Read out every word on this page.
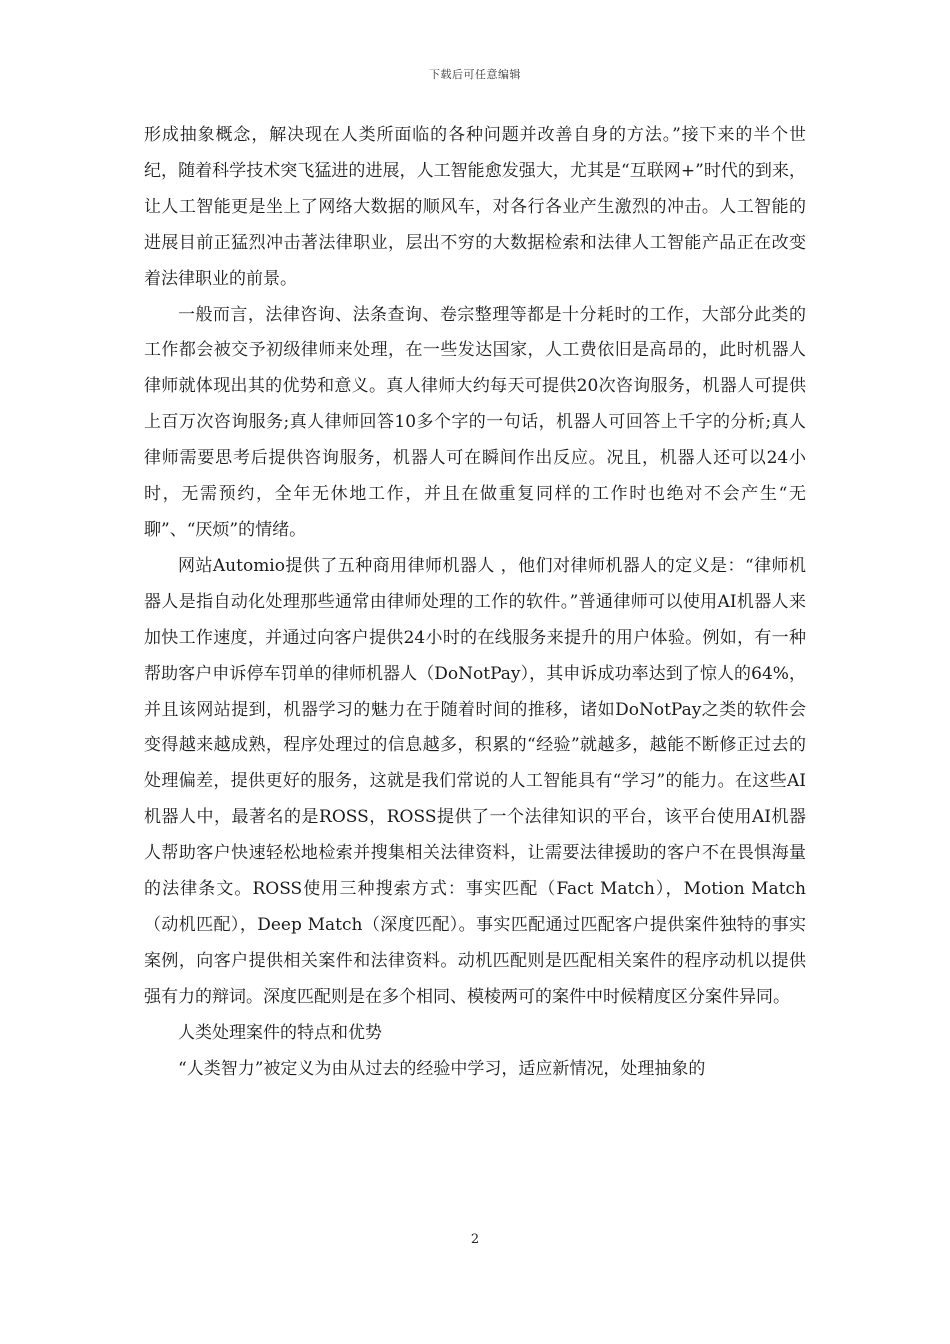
下载后可任意编辑

形成抽象概念，解决现在人类所面临的各种问题并改善自身的方法。”接下来的半个世纪，随着科学技术突飞猛进的进展，人工智能愈发强大，尤其是“互联网+”时代的到来，让人工智能更是坐上了网络大数据的顺风车，对各行各业产生激烈的冲击。人工智能的进展目前正猛烈冲击著法律职业，层出不穷的大数据检索和法律人工智能产品正在改变着法律职业的前景。

一般而言，法律咨询、法条查询、卷宗整理等都是十分耗时的工作，大部分此类的工作都会被交予初级律师来处理，在一些发达国家，人工费依旧是高昂的，此时机器人律师就体现出其的优势和意义。真人律师大约每天可提供20次咨询服务，机器人可提供上百万次咨询服务;真人律师回答10多个字的一句话，机器人可回答上千字的分析;真人律师需要思考后提供咨询服务，机器人可在瞬间作出反应。况且，机器人还可以24小时，无需预约，全年无休地工作，并且在做重复同样的工作时也绝对不会产生“无聊”、“厌烦”的情绪。

网站Automio提供了五种商用律师机器人 ，他们对律师机器人的定义是：“律师机器人是指自动化处理那些通常由律师处理的工作的软件。”普通律师可以使用AI机器人来加快工作速度，并通过向客户提供24小时的在线服务来提升的用户体验。例如，有一种帮助客户申诉停车罚单的律师机器人（DoNotPay），其申诉成功率达到了惊人的64%，并且该网站提到，机器学习的魅力在于随着时间的推移，诸如DoNotPay之类的软件会变得越来越成熟，程序处理过的信息越多，积累的“经验”就越多，越能不断修正过去的处理偏差，提供更好的服务，这就是我们常说的人工智能具有“学习”的能力。在这些AI机器人中，最著名的是ROSS，ROSS提供了一个法律知识的平台，该平台使用AI机器人帮助客户快速轻松地检索并搜集相关法律资料，让需要法律援助的客户不在畏惧海量的法律条文。ROSS使用三种搜索方式：事实匹配（Fact Match），Motion Match（动机匹配），Deep Match（深度匹配）。事实匹配通过匹配客户提供案件独特的事实案例，向客户提供相关案件和法律资料。动机匹配则是匹配相关案件的程序动机以提供强有力的辩词。深度匹配则是在多个相同、模棱两可的案件中时候精度区分案件异同。

人类处理案件的特点和优势

“人类智力”被定义为由从过去的经验中学习，适应新情况，处理抽象的

2
